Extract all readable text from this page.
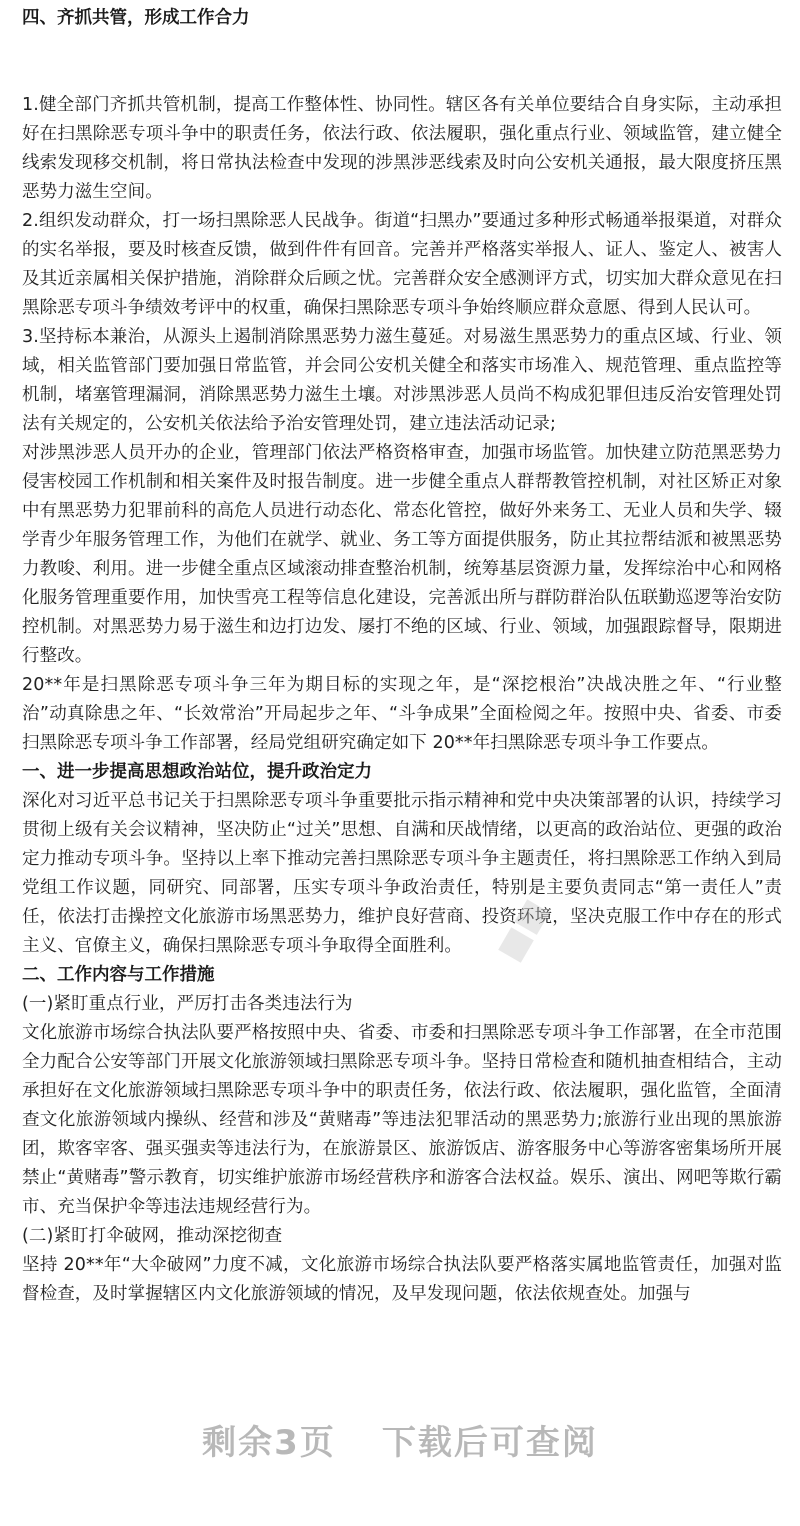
四、齐抓共管，形成工作合力

1.健全部门齐抓共管机制，提高工作整体性、协同性。辖区各有关单位要结合自身实际，主动承担好在扫黑除恶专项斗争中的职责任务，依法行政、依法履职，强化重点行业、领域监管，建立健全线索发现移交机制，将日常执法检查中发现的涉黑涉恶线索及时向公安机关通报，最大限度挤压黑恶势力滋生空间。

2.组织发动群众，打一场扫黑除恶人民战争。街道“扫黑办”要通过多种形式畅通举报渠道，对群众的实名举报，要及时核查反馈，做到件件有回音。完善并严格落实举报人、证人、鉴定人、被害人及其近亲属相关保护措施，消除群众后顾之忧。完善群众安全感测评方式，切实加大群众意见在扫黑除恶专项斗争绩效考评中的权重，确保扫黑除恶专项斗争始终顺应群众意愿、得到人民认可。

3.坚持标本兼治，从源头上遏制消除黑恶势力滋生蔓延。对易滋生黑恶势力的重点区域、行业、领域，相关监管部门要加强日常监管，并会同公安机关健全和落实市场准入、规范管理、重点监控等机制，堵塞管理漏洞，消除黑恶势力滋生土壤。对涉黑涉恶人员尚不构成犯罪但违反治安管理处罚法有关规定的，公安机关依法给予治安管理处罚，建立违法活动记录;

对涉黑涉恶人员开办的企业，管理部门依法严格资格审查，加强市场监管。加快建立防范黑恶势力侵害校园工作机制和相关案件及时报告制度。进一步健全重点人群帮教管控机制，对社区矫正对象中有黑恶势力犯罪前科的高危人员进行动态化、常态化管控，做好外来务工、无业人员和失学、辍学青少年服务管理工作，为他们在就学、就业、务工等方面提供服务，防止其拉帮结派和被黑恶势力教唆、利用。进一步健全重点区域滚动排查整治机制，统筹基层资源力量，发挥综治中心和网格化服务管理重要作用，加快雪亮工程等信息化建设，完善派出所与群防群治队伍联勤巡逻等治安防控机制。对黑恶势力易于滋生和边打边发、屡打不绝的区域、行业、领域，加强跟踪督导，限期进行整改。

20**年是扫黑除恶专项斗争三年为期目标的实现之年，是“深挖根治”决战决胜之年、“行业整治”动真除患之年、“长效常治”开局起步之年、“斗争成果”全面检阅之年。按照中央、省委、市委扫黑除恶专项斗争工作部署，经局党组研究确定如下 20**年扫黑除恶专项斗争工作要点。

一、进一步提高思想政治站位，提升政治定力

深化对习近平总书记关于扫黑除恶专项斗争重要批示指示精神和党中央决策部署的认识，持续学习贯彻上级有关会议精神，坚决防止“过关”思想、自满和厌战情绪，以更高的政治站位、更强的政治定力推动专项斗争。坚持以上率下推动完善扫黑除恶专项斗争主题责任，将扫黑除恶工作纳入到局党组工作议题，同研究、同部署，压实专项斗争政治责任，特别是主要负责同志“第一责任人”责任，依法打击操控文化旅游市场黑恶势力，维护良好营商、投资环境，坚决克服工作中存在的形式主义、官僚主义，确保扫黑除恶专项斗争取得全面胜利。

二、工作内容与工作措施

(一)紧盯重点行业，严厉打击各类违法行为

文化旅游市场综合执法队要严格按照中央、省委、市委和扫黑除恶专项斗争工作部署，在全市范围全力配合公安等部门开展文化旅游领域扫黑除恶专项斗争。坚持日常检查和随机抽查相结合，主动承担好在文化旅游领域扫黑除恶专项斗争中的职责任务，依法行政、依法履职，强化监管，全面清查文化旅游领域内操纵、经营和涉及“黄赌毒”等违法犯罪活动的黑恶势力;旅游行业出现的黑旅游团，欺客宰客、强买强卖等违法行为，在旅游景区、旅游饭店、游客服务中心等游客密集场所开展禁止“黄赌毒”警示教育，切实维护旅游市场经营秩序和游客合法权益。娱乐、演出、网吧等欺行霸市、充当保护伞等违法违规经营行为。

(二)紧盯打伞破网，推动深挖彻查

坚持 20**年“大伞破网”力度不减，文化旅游市场综合执法队要严格落实属地监管责任，加强对监督检查，及时掌握辖区内文化旅游领域的情况，及早发现问题，依法依规查处。加强与

■■
剩余3页 下载后可查阅
